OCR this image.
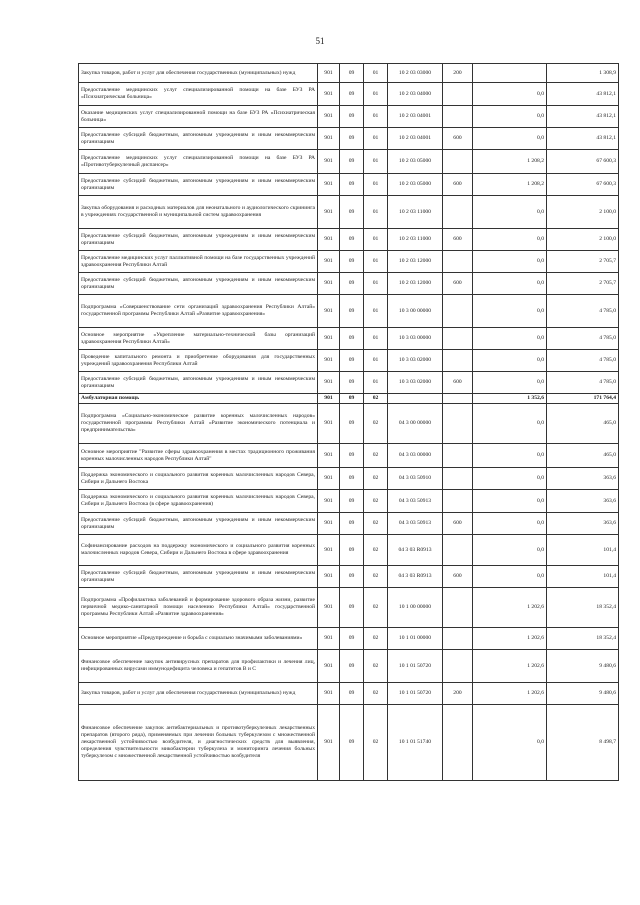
51
Закупка товаров, работ и услуг для обеспечения государственных (муниципальных) нужд	901	09	01	10 2 03 03000	200		1 308,9
Предоставление медицинских услуг специализированной помощи на базе БУЗ РА «Психиатрическая больница»	901	09	01	10 2 03 04000		0,0	43 812,1
Оказание медицинских услуг специализированной помощи на базе БУЗ РА «Психиатрическая больница»	901	09	01	10 2 03 04001		0,0	43 812,1
Предоставление субсидий бюджетным, автономным учреждениям и иным некоммерческим организациям	901	09	01	10 2 03 04001	600	0,0	43 812,1
Предоставление медицинских услуг специализированной помощи на базе БУЗ РА «Противотуберкулезный диспансер»	901	09	01	10 2 03 05000		1 208,2	67 600,3
Предоставление субсидий бюджетным, автономным учреждениям и иным некоммерческим организациям	901	09	01	10 2 03 05000	600	1 208,2	67 600,3
Закупка оборудования и расходных материалов для неонатального и аудиологического скрининга в учреждениях государственной и муниципальной систем здравоохранения	901	09	01	10 2 03 11000		0,0	2 100,0
Предоставление субсидий бюджетным, автономным учреждениям и иным некоммерческим организациям	901	09	01	10 2 03 11000	600	0,0	2 100,0
Предоставление медицинских услуг паллиативной помощи на базе государственных учреждений здравоохранения Республики Алтай	901	09	01	10 2 03 12000		0,0	2 705,7
Предоставление субсидий бюджетным, автономным учреждениям и иным некоммерческим организациям	901	09	01	10 2 03 12000	600	0,0	2 705,7
Подпрограмма «Совершенствование сети организаций здравоохранения Республики Алтай» государственной программы Республики Алтай «Развитие здравоохранения»	901	09	01	10 3 00 00000		0,0	4 785,0
Основное мероприятие «Укрепление материально-технической базы организаций здравоохранения Республики Алтай»	901	09	01	10 3 03 00000		0,0	4 785,0
Проведение капитального ремонта и приобретение оборудования для государственных учреждений здравоохранения Республики Алтай	901	09	01	10 3 03 02000		0,0	4 785,0
Предоставление субсидий бюджетным, автономным учреждениям и иным некоммерческим организациям	901	09	01	10 3 03 02000	600	0,0	4 785,0
Амбулаторная помощь	901	09	02			1 352,6	171 764,4
Подпрограмма «Социально-экономическое развитие коренных малочисленных народов» государственной программы Республики Алтай «Развитие экономического потенциала и предпринимательства»	901	09	02	04 3 00 00000		0,0	465,0
Основное мероприятие "Развитие сферы здравоохранения в местах традиционного проживания коренных малочисленных народов Республики Алтай"	901	09	02	04 3 03 00000		0,0	465,0
Поддержка экономического и социального развития коренных малочисленных народов Севера, Сибири и Дальнего Востока	901	09	02	04 3 03 50910		0,0	363,6
Поддержка экономического и социального развития коренных малочисленных народов Севера, Сибири и Дальнего Востока (в сфере здравоохранения)	901	09	02	04 3 03 50913		0,0	363,6
Предоставление субсидий бюджетным, автономным учреждениям и иным некоммерческим организациям	901	09	02	04 3 03 50913	600	0,0	363,6
Софинансирование расходов на поддержку экономического и социального развития коренных малочисленных народов Севера, Сибири и Дальнего Востока в сфере здравоохранения	901	09	02	04 3 03 R0913		0,0	101,4
Предоставление субсидий бюджетным, автономным учреждениям и иным некоммерческим организациям	901	09	02	04 3 03 R0913	600	0,0	101,4
Подпрограмма «Профилактика заболеваний и формирование здорового образа жизни, развитие первичной медико-санитарной помощи населению Республики Алтай» государственной программы Республики Алтай «Развитие здравоохранения»	901	09	02	10 1 00 00000		1 202,6	18 352,4
Основное мероприятие «Предупреждение и борьба с социально значимыми заболеваниями»	901	09	02	10 1 01 00000		1 202,6	18 352,4
Финансовое обеспечение закупок антивирусных препаратов для профилактики и лечения лиц, инфицированных вирусами иммунодефицита человека и гепатитов В и С	901	09	02	10 1 01 50720		1 202,6	9 480,6
Закупка товаров, работ и услуг для обеспечения государственных (муниципальных) нужд	901	09	02	10 1 01 50720	200	1 202,6	9 480,6
Финансовое обеспечение закупок антибактериальных и противотуберкулезных лекарственных препаратов (второго ряда), применяемых при лечении больных туберкулезом с множественной лекарственной устойчивостью возбудителя, и диагностических средств для выявления, определения чувствительности микобактерии туберкулеза и мониторинга лечения больных туберкулезом с множественной лекарственной устойчивостью возбудителя	901	09	02	10 1 01 51740		0,0	8 498,7
